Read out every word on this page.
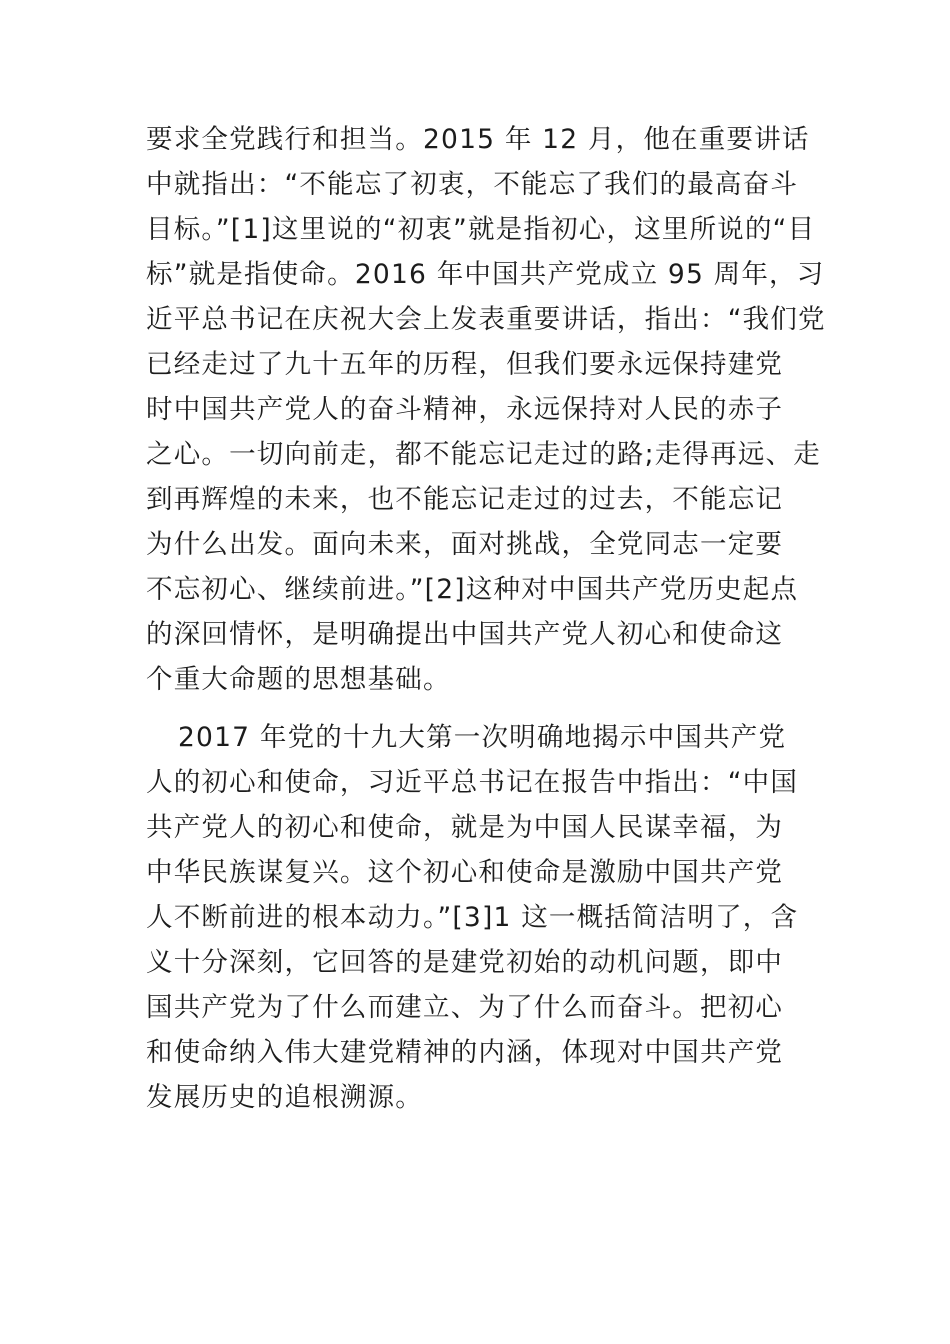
要求全党践行和担当。2015 年 12 月，他在重要讲话
中就指出：“不能忘了初衷，不能忘了我们的最高奋斗
目标。”[1]这里说的“初衷”就是指初心，这里所说的“目
标”就是指使命。2016 年中国共产党成立 95 周年，习
近平总书记在庆祝大会上发表重要讲话，指出：“我们党
已经走过了九十五年的历程，但我们要永远保持建党
时中国共产党人的奋斗精神，永远保持对人民的赤子
之心。一切向前走，都不能忘记走过的路;走得再远、走
到再辉煌的未来，也不能忘记走过的过去，不能忘记
为什么出发。面向未来，面对挑战，全党同志一定要
不忘初心、继续前进。”[2]这种对中国共产党历史起点
的深回情怀，是明确提出中国共产党人初心和使命这
个重大命题的思想基础。
2017 年党的十九大第一次明确地揭示中国共产党
人的初心和使命，习近平总书记在报告中指出：“中国
共产党人的初心和使命，就是为中国人民谋幸福，为
中华民族谋复兴。这个初心和使命是激励中国共产党
人不断前进的根本动力。”[3]1 这一概括简洁明了，含
义十分深刻，它回答的是建党初始的动机问题，即中
国共产党为了什么而建立、为了什么而奋斗。把初心
和使命纳入伟大建党精神的内涵，体现对中国共产党
发展历史的追根溯源。
